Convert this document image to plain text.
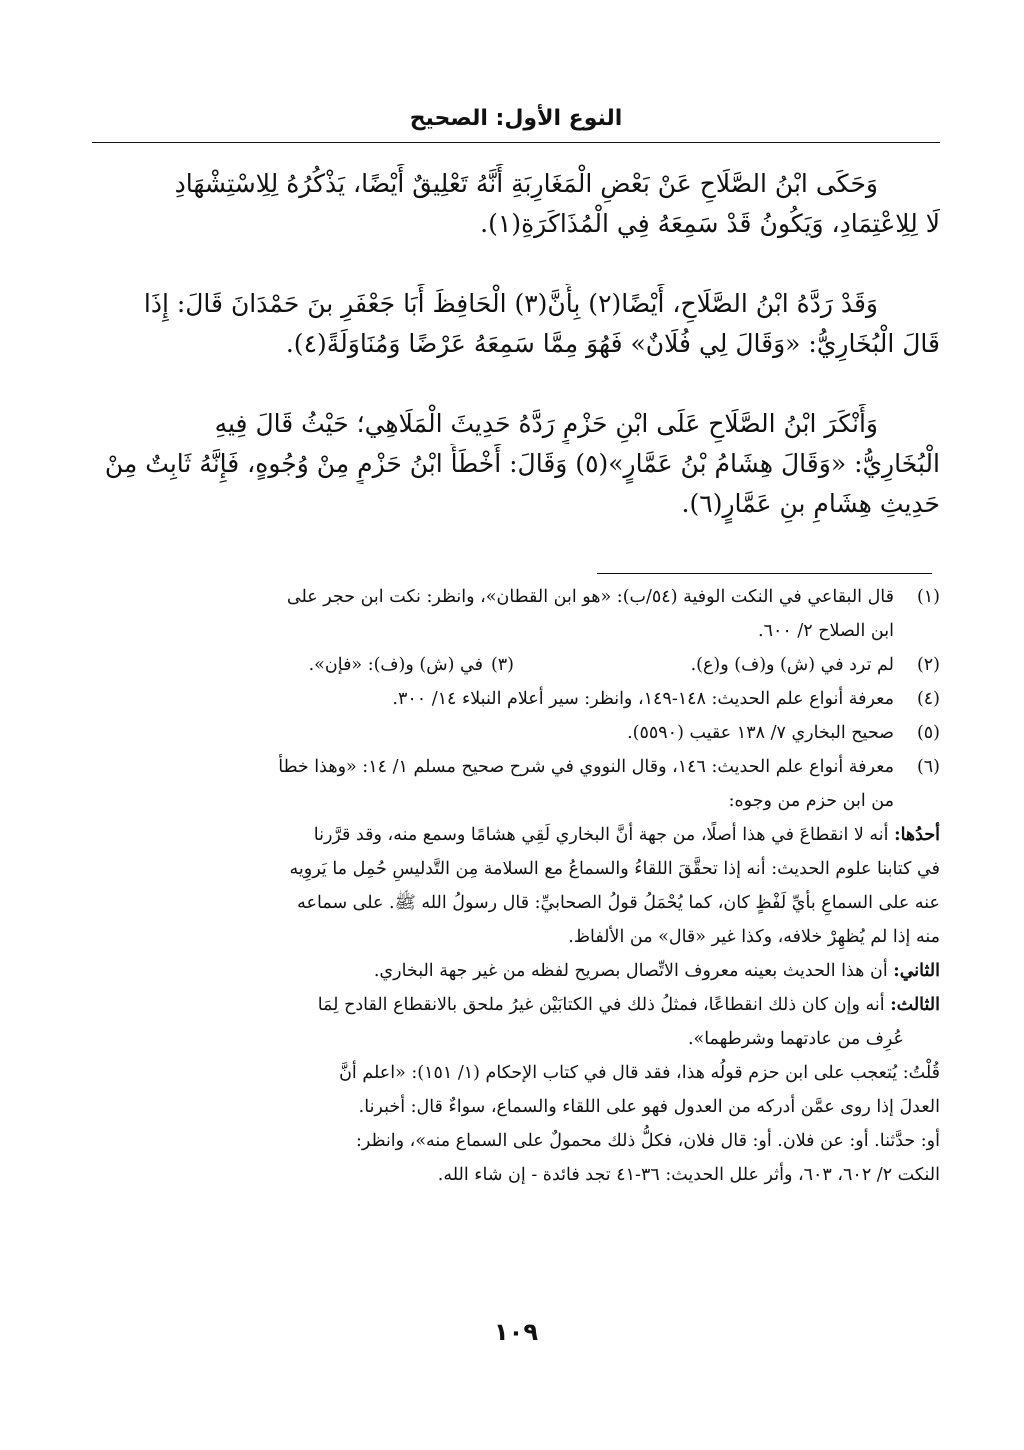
النوع الأول: الصحيح
وَحَكَى ابْنُ الصَّلَاحِ عَنْ بَعْضِ الْمَغَارِبَةِ أَنَّهُ تَعْلِيقٌ أَيْضًا، يَذْكُرُهُ لِلِاسْتِشْهَادِ
لَا لِلِاعْتِمَادِ، وَيَكُونُ قَدْ سَمِعَهُ فِي الْمُذَاكَرَةِ(١).
وَقَدْ رَدَّهُ ابْنُ الصَّلَاحِ، أَيْضًا(٢) بِأَنَّ(٣) الْحَافِظَ أَبَا جَعْفَرِ بنَ حَمْدَانَ قَالَ: إِذَا
قَالَ الْبُخَارِيُّ: «وَقَالَ لِي فُلَانٌ» فَهُوَ مِمَّا سَمِعَهُ عَرْضًا وَمُنَاوَلَةً(٤).
وَأَنْكَرَ ابْنُ الصَّلَاحِ عَلَى ابْنِ حَزْمٍ رَدَّهُ حَدِيثَ الْمَلَاهِي؛ حَيْثُ قَالَ فِيهِ
الْبُخَارِيُّ: «وَقَالَ هِشَامُ بْنُ عَمَّارٍ»(٥) وَقَالَ: أَخْطَأَ ابْنُ حَزْمٍ مِنْ وُجُوهٍ، فَإِنَّهُ ثَابِتٌ مِنْ
حَدِيثِ هِشَامِ بنِ عَمَّارٍ(٦).
(١)
قال البقاعي في النكت الوفية (٥٤/ب): «هو ابن القطان»، وانظر: نكت ابن حجر على
ابن الصلاح ٢/ ٦٠٠.
(٢)
لم ترد في (ش) و(ف) و(ع).
(٣)
في (ش) و(ف): «فإن».
(٤)
معرفة أنواع علم الحديث: ١٤٨-١٤٩، وانظر: سير أعلام النبلاء ١٤/ ٣٠٠.
(٥)
صحيح البخاري ٧/ ١٣٨ عقيب (٥٥٩٠).
(٦)
معرفة أنواع علم الحديث: ١٤٦، وقال النووي في شرح صحيح مسلم ١/ ١٤: «وهذا خطأ
من ابن حزم من وجوه:
أحدُها: أنه لا انقطاعَ في هذا أصلًا، من جهة أنَّ البخاري لَقِي هشامًا وسمع منه، وقد قرَّرنا
في كتابنا علوم الحديث: أنه إذا تحقَّقَ اللقاءُ والسماعُ مع السلامة مِن التَّدليسِ حُمِل ما يَروِيه
عنه على السماعِ بأيِّ لَفْظٍ كان، كما يُحْمَلُ قولُ الصحابيِّ: قال رسولُ الله ﷺ. على سماعه
منه إذا لم يُظهِرْ خلافه، وكذا غير «قال» من الألفاظ.
الثاني: أن هذا الحديث بعينه معروف الاتِّصال بصريح لفظه من غير جهة البخاري.
الثالث: أنه وإن كان ذلك انقطاعًا، فمثلُ ذلك في الكتابَيْن غيرُ ملحق بالانقطاع القادح لِمَا
عُرِف من عادتهما وشرطهما».
قُلْتُ: يُتعجب على ابن حزم قولُه هذا، فقد قال في كتاب الإحكام (١/ ١٥١): «اعلم أنَّ
العدلَ إذا روى عمَّن أدركه من العدول فهو على اللقاء والسماع، سواءٌ قال: أخبرنا.
أو: حدَّثنا. أو: عن فلان. أو: قال فلان، فكلُّ ذلك محمولٌ على السماع منه»، وانظر:
النكت ٢/ ٦٠٢، ٦٠٣، وأثر علل الحديث: ٣٦-٤١ تجد فائدة - إن شاء الله.
١٠٩
